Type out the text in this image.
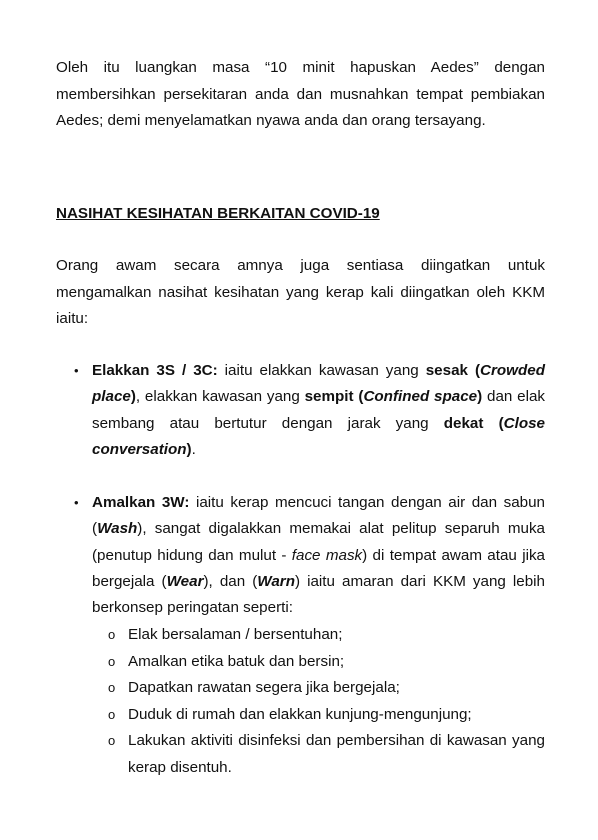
Oleh itu luangkan masa “10 minit hapuskan Aedes” dengan membersihkan persekitaran anda dan musnahkan tempat pembiakan Aedes; demi menyelamatkan nyawa anda dan orang tersayang.

NASIHAT KESIHATAN BERKAITAN COVID-19

Orang awam secara amnya juga sentiasa diingatkan untuk mengamalkan nasihat kesihatan yang kerap kali diingatkan oleh KKM iaitu:

• Elakkan 3S / 3C: iaitu elakkan kawasan yang sesak (Crowded place), elakkan kawasan yang sempit (Confined space) dan elak sembang atau bertutur dengan jarak yang dekat (Close conversation).

• Amalkan 3W: iaitu kerap mencuci tangan dengan air dan sabun (Wash), sangat digalakkan memakai alat pelitup separuh muka (penutup hidung dan mulut - face mask) di tempat awam atau jika bergejala (Wear), dan (Warn) iaitu amaran dari KKM yang lebih berkonsep peringatan seperti:

o Elak bersalaman / bersentuhan;
o Amalkan etika batuk dan bersin;
o Dapatkan rawatan segera jika bergejala;
o Duduk di rumah dan elakkan kunjung-mengunjung;
o Lakukan aktiviti disinfeksi dan pembersihan di kawasan yang kerap disentuh.
